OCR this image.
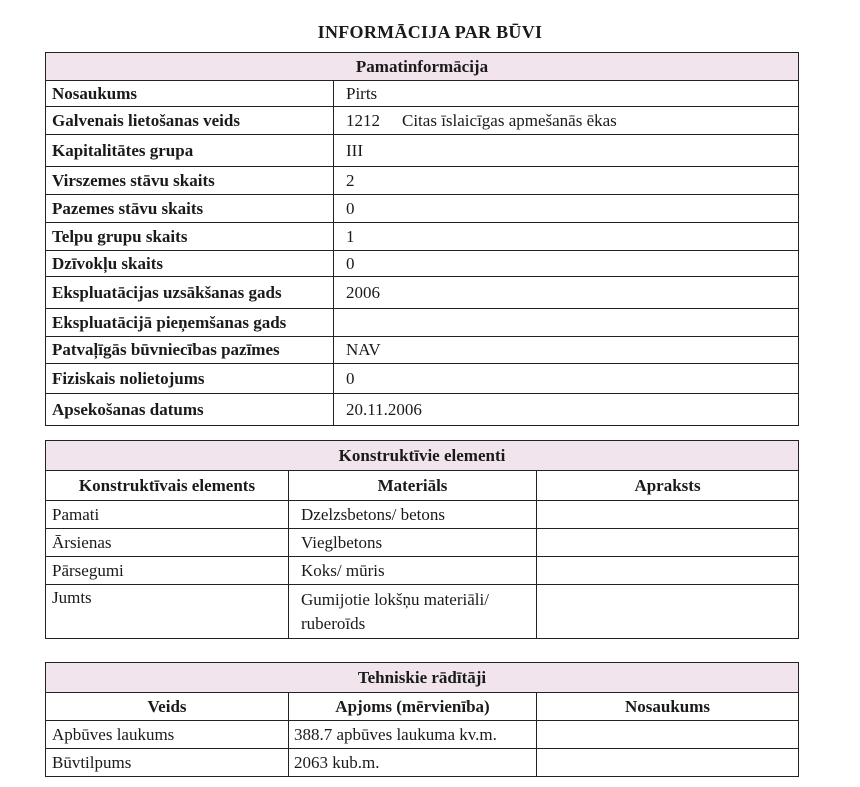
INFORMĀCIJA PAR BŪVI
Pamatinformācija	
Nosaukums	Pirts
Galvenais lietošanas veids	1212 Citas īslaicīgas apmešanās ēkas
Kapitalitātes grupa	III
Virszemes stāvu skaits	2
Pazemes stāvu skaits	0
Telpu grupu skaits	1
Dzīvokļu skaits	0
Ekspluatācijas uzsākšanas gads	2006
Ekspluatācijā pieņemšanas gads	
Patvaļīgās būvniecības pazīmes	NAV
Fiziskais nolietojums	0
Apsekošanas datums	20.11.2006
Konstruktīvie elementi		
Konstruktīvais elements	Materiāls	Apraksts
Pamati	Dzelzsbetons/ betons	
Ārsienas	Vieglbetons	
Pārsegumi	Koks/ mūris	
Jumts	Gumijotie lokšņu materiāli/ ruberoīds	
Tehniskie rādītāji		
Veids	Apjoms (mērvienība)	Nosaukums
Apbūves laukums	388.7 apbūves laukuma kv.m.	
Būvtilpums	2063 kub.m.	
